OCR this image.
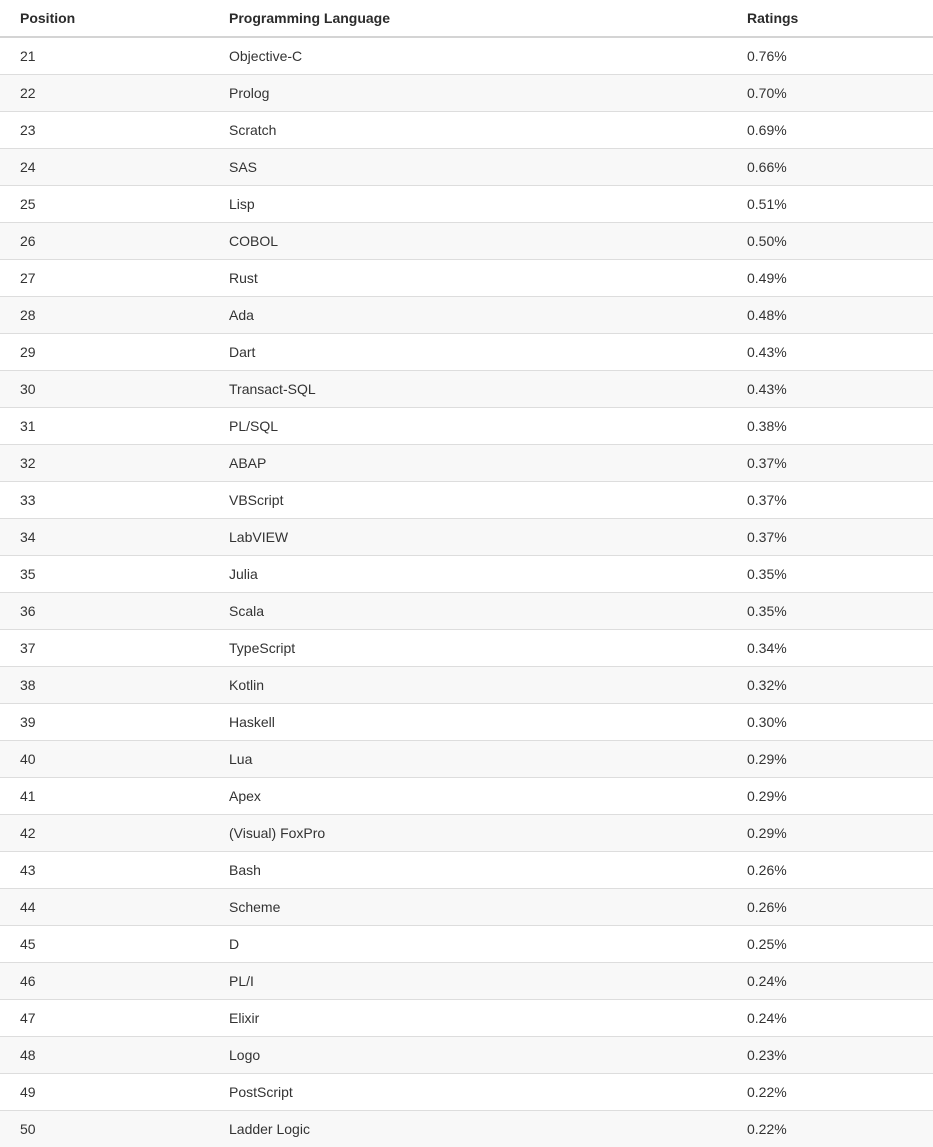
Position	Programming Language	Ratings
21	Objective-C	0.76%
22	Prolog	0.70%
23	Scratch	0.69%
24	SAS	0.66%
25	Lisp	0.51%
26	COBOL	0.50%
27	Rust	0.49%
28	Ada	0.48%
29	Dart	0.43%
30	Transact-SQL	0.43%
31	PL/SQL	0.38%
32	ABAP	0.37%
33	VBScript	0.37%
34	LabVIEW	0.37%
35	Julia	0.35%
36	Scala	0.35%
37	TypeScript	0.34%
38	Kotlin	0.32%
39	Haskell	0.30%
40	Lua	0.29%
41	Apex	0.29%
42	(Visual) FoxPro	0.29%
43	Bash	0.26%
44	Scheme	0.26%
45	D	0.25%
46	PL/I	0.24%
47	Elixir	0.24%
48	Logo	0.23%
49	PostScript	0.22%
50	Ladder Logic	0.22%
